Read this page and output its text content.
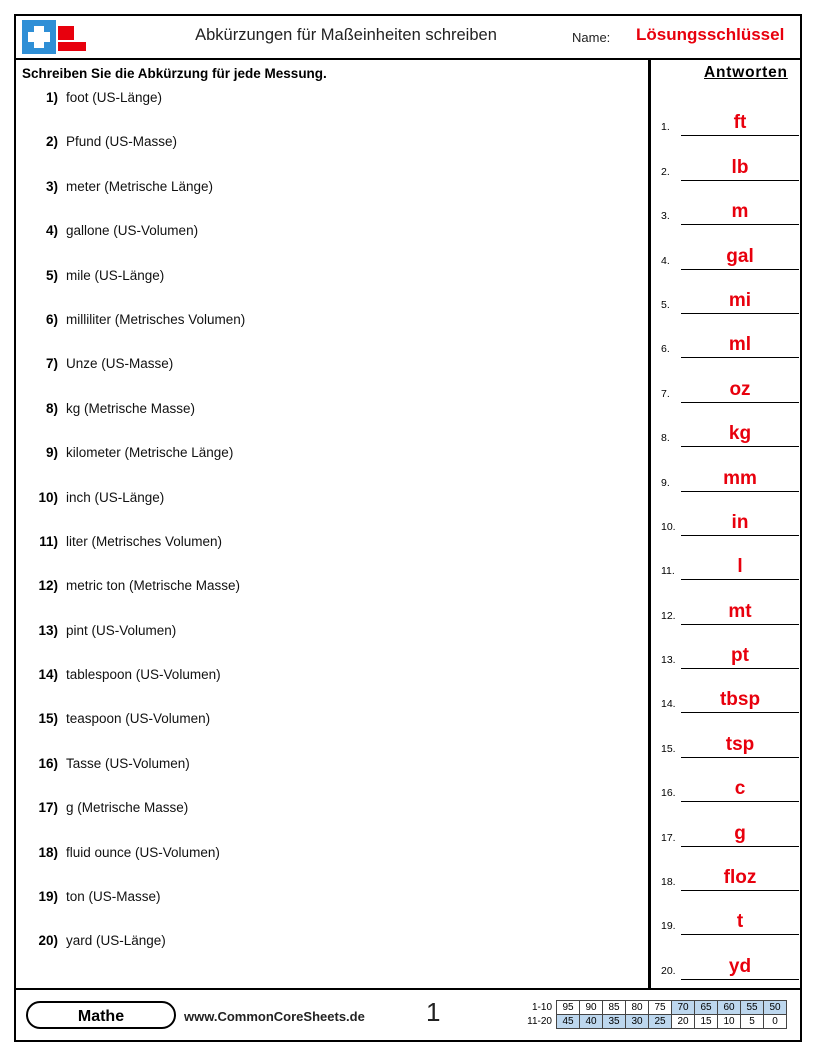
Abkürzungen für Maßeinheiten schreiben	Name: Lösungsschlüssel
Schreiben Sie die Abkürzung für jede Messung.
1) foot (US-Länge)
2) Pfund (US-Masse)
3) meter (Metrische Länge)
4) gallone (US-Volumen)
5) mile (US-Länge)
6) milliliter (Metrisches Volumen)
7) Unze (US-Masse)
8) kg (Metrische Masse)
9) kilometer (Metrische Länge)
10) inch (US-Länge)
11) liter (Metrisches Volumen)
12) metric ton (Metrische Masse)
13) pint (US-Volumen)
14) tablespoon (US-Volumen)
15) teaspoon (US-Volumen)
16) Tasse (US-Volumen)
17) g (Metrische Masse)
18) fluid ounce (US-Volumen)
19) ton (US-Masse)
20) yard (US-Länge)
Antworten
1.	ft
2.	lb
3.	m
4.	gal
5.	mi
6.	ml
7.	oz
8.	kg
9.	mm
10.	in
11.	l
12.	mt
13.	pt
14.	tbsp
15.	tsp
16.	c
17.	g
18.	floz
19.	t
20.	yd
Mathe	www.CommonCoreSheets.de 1	1-10	95	90	85	80	75	70	65	60	55	50
11-20	45	40	35	30	25	20	15	10	5	0
